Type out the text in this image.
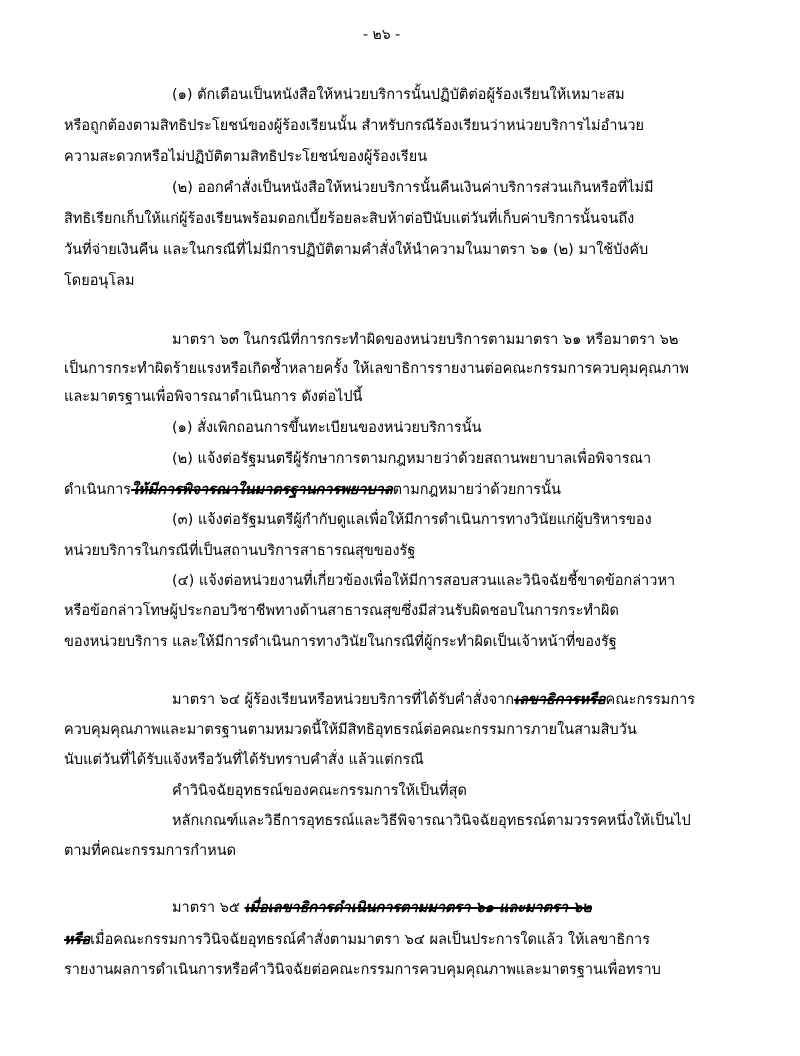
- ๒๖ -
(๑) ตักเตือนเป็นหนังสือให้หน่วยบริการนั้นปฏิบัติต่อผู้ร้องเรียนให้เหมาะสม
หรือถูกต้องตามสิทธิประโยชน์ของผู้ร้องเรียนนั้น สำหรับกรณีร้องเรียนว่าหน่วยบริการไม่อำนวย
ความสะดวกหรือไม่ปฏิบัติตามสิทธิประโยชน์ของผู้ร้องเรียน
(๒) ออกคำสั่งเป็นหนังสือให้หน่วยบริการนั้นคืนเงินค่าบริการส่วนเกินหรือที่ไม่มี
สิทธิเรียกเก็บให้แก่ผู้ร้องเรียนพร้อมดอกเบี้ยร้อยละสิบห้าต่อปีนับแต่วันที่เก็บค่าบริการนั้นจนถึง
วันที่จ่ายเงินคืน และในกรณีที่ไม่มีการปฏิบัติตามคำสั่งให้นำความในมาตรา ๖๑ (๒) มาใช้บังคับ
โดยอนุโลม
มาตรา ๖๓ ในกรณีที่การกระทำผิดของหน่วยบริการตามมาตรา ๖๑ หรือมาตรา ๖๒
เป็นการกระทำผิดร้ายแรงหรือเกิดซ้ำหลายครั้ง ให้เลขาธิการรายงานต่อคณะกรรมการควบคุมคุณภาพ
และมาตรฐานเพื่อพิจารณาดำเนินการ ดังต่อไปนี้
(๑) สั่งเพิกถอนการขึ้นทะเบียนของหน่วยบริการนั้น
(๒) แจ้งต่อรัฐมนตรีผู้รักษาการตามกฎหมายว่าด้วยสถานพยาบาลเพื่อพิจารณา
ดำเนินการให้มีการพิจารณาในมาตรฐานการพยาบาลตามกฎหมายว่าด้วยการนั้น
(๓) แจ้งต่อรัฐมนตรีผู้กำกับดูแลเพื่อให้มีการดำเนินการทางวินัยแก่ผู้บริหารของ
หน่วยบริการในกรณีที่เป็นสถานบริการสาธารณสุขของรัฐ
(๔) แจ้งต่อหน่วยงานที่เกี่ยวข้องเพื่อให้มีการสอบสวนและวินิจฉัยชี้ขาดข้อกล่าวหา
หรือข้อกล่าวโทษผู้ประกอบวิชาชีพทางด้านสาธารณสุขซึ่งมีส่วนรับผิดชอบในการกระทำผิด
ของหน่วยบริการ และให้มีการดำเนินการทางวินัยในกรณีที่ผู้กระทำผิดเป็นเจ้าหน้าที่ของรัฐ
มาตรา ๖๔ ผู้ร้องเรียนหรือหน่วยบริการที่ได้รับคำสั่งจากเลขาธิการหรือคณะกรรมการ
ควบคุมคุณภาพและมาตรฐานตามหมวดนี้ให้มีสิทธิอุทธรณ์ต่อคณะกรรมการภายในสามสิบวัน
นับแต่วันที่ได้รับแจ้งหรือวันที่ได้รับทราบคำสั่ง แล้วแต่กรณี
คำวินิจฉัยอุทธรณ์ของคณะกรรมการให้เป็นที่สุด
หลักเกณฑ์และวิธีการอุทธรณ์และวิธีพิจารณาวินิจฉัยอุทธรณ์ตามวรรคหนึ่งให้เป็นไป
ตามที่คณะกรรมการกำหนด
มาตรา ๖๕ เมื่อเลขาธิการดำเนินการตามมาตรา ๖๑ และมาตรา ๖๒
หรือเมื่อคณะกรรมการวินิจฉัยอุทธรณ์คำสั่งตามมาตรา ๖๔ ผลเป็นประการใดแล้ว ให้เลขาธิการ
รายงานผลการดำเนินการหรือคำวินิจฉัยต่อคณะกรรมการควบคุมคุณภาพและมาตรฐานเพื่อทราบ
